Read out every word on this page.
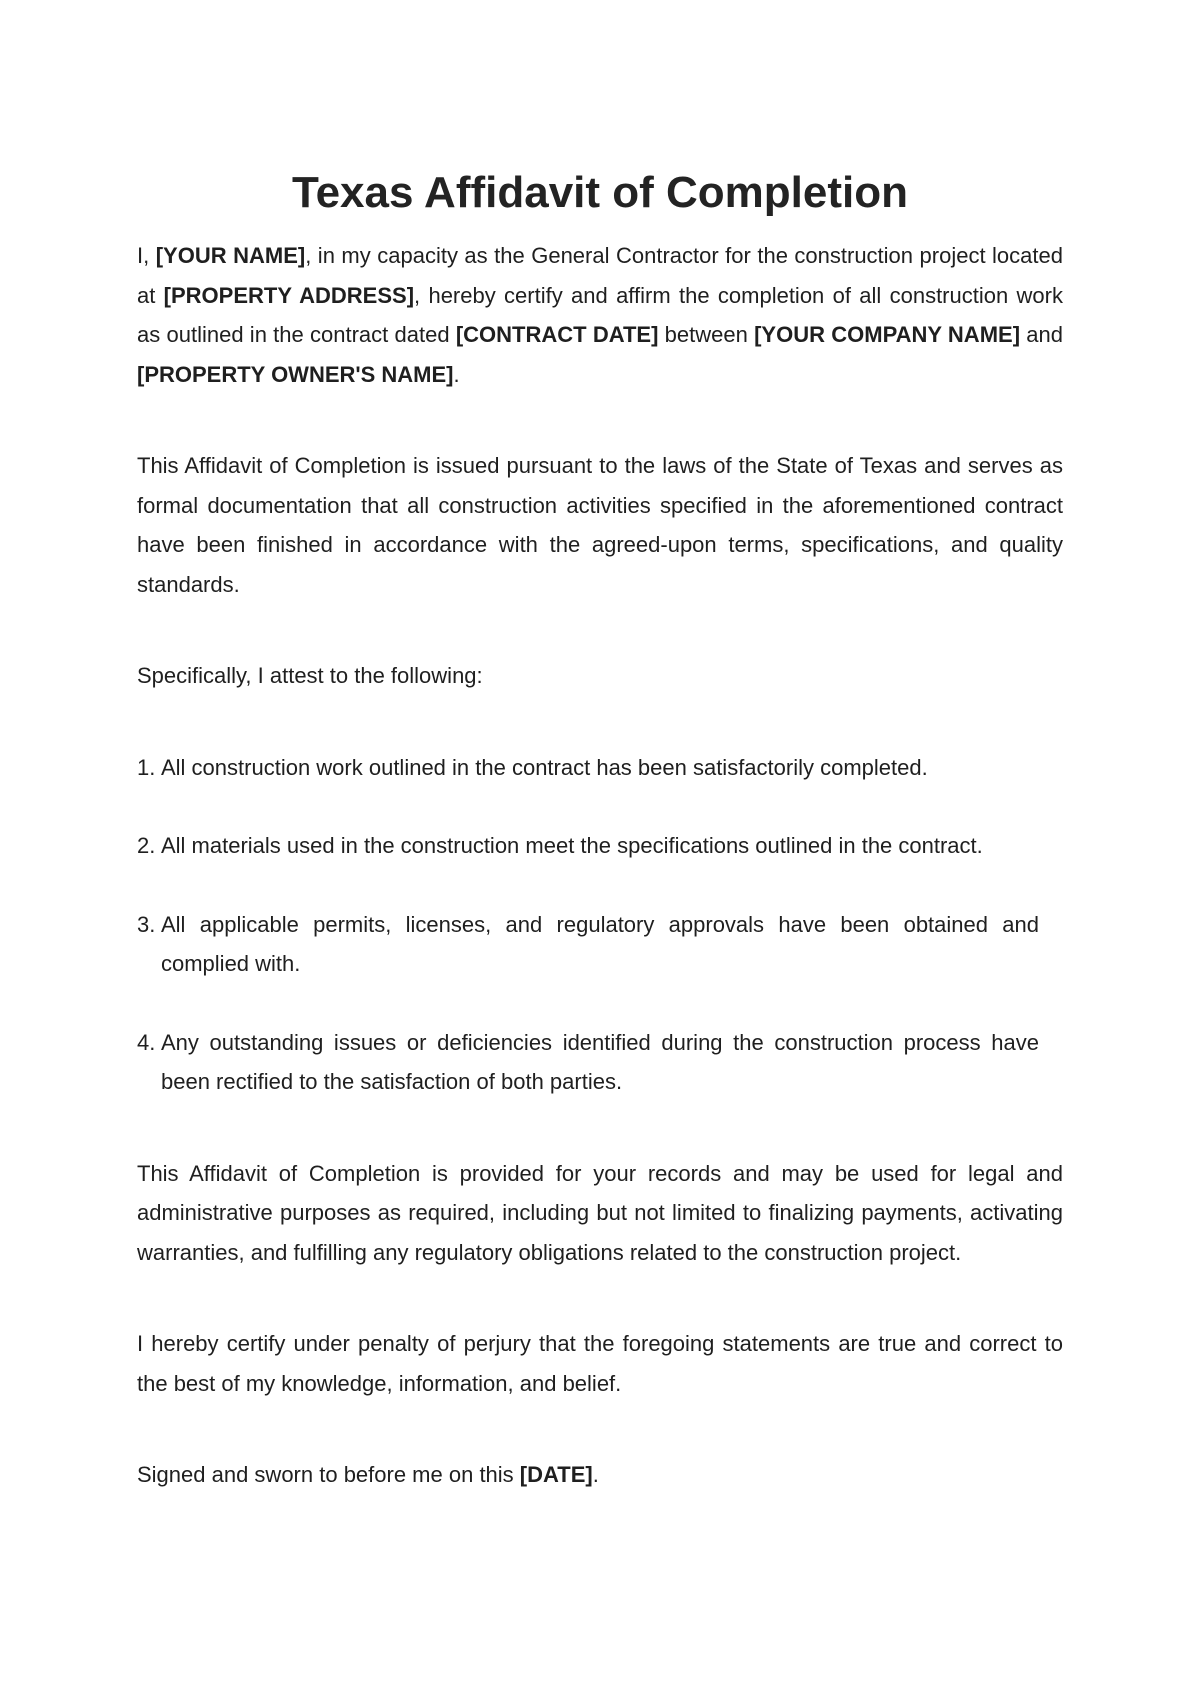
Texas Affidavit of Completion

I, [YOUR NAME], in my capacity as the General Contractor for the construction project located at [PROPERTY ADDRESS], hereby certify and affirm the completion of all construction work as outlined in the contract dated [CONTRACT DATE] between [YOUR COMPANY NAME] and [PROPERTY OWNER'S NAME].

This Affidavit of Completion is issued pursuant to the laws of the State of Texas and serves as formal documentation that all construction activities specified in the aforementioned contract have been finished in accordance with the agreed-upon terms, specifications, and quality standards.

Specifically, I attest to the following:

1. All construction work outlined in the contract has been satisfactorily completed.
2. All materials used in the construction meet the specifications outlined in the contract.
3. All applicable permits, licenses, and regulatory approvals have been obtained and complied with.
4. Any outstanding issues or deficiencies identified during the construction process have been rectified to the satisfaction of both parties.

This Affidavit of Completion is provided for your records and may be used for legal and administrative purposes as required, including but not limited to finalizing payments, activating warranties, and fulfilling any regulatory obligations related to the construction project.

I hereby certify under penalty of perjury that the foregoing statements are true and correct to the best of my knowledge, information, and belief.

Signed and sworn to before me on this [DATE].
